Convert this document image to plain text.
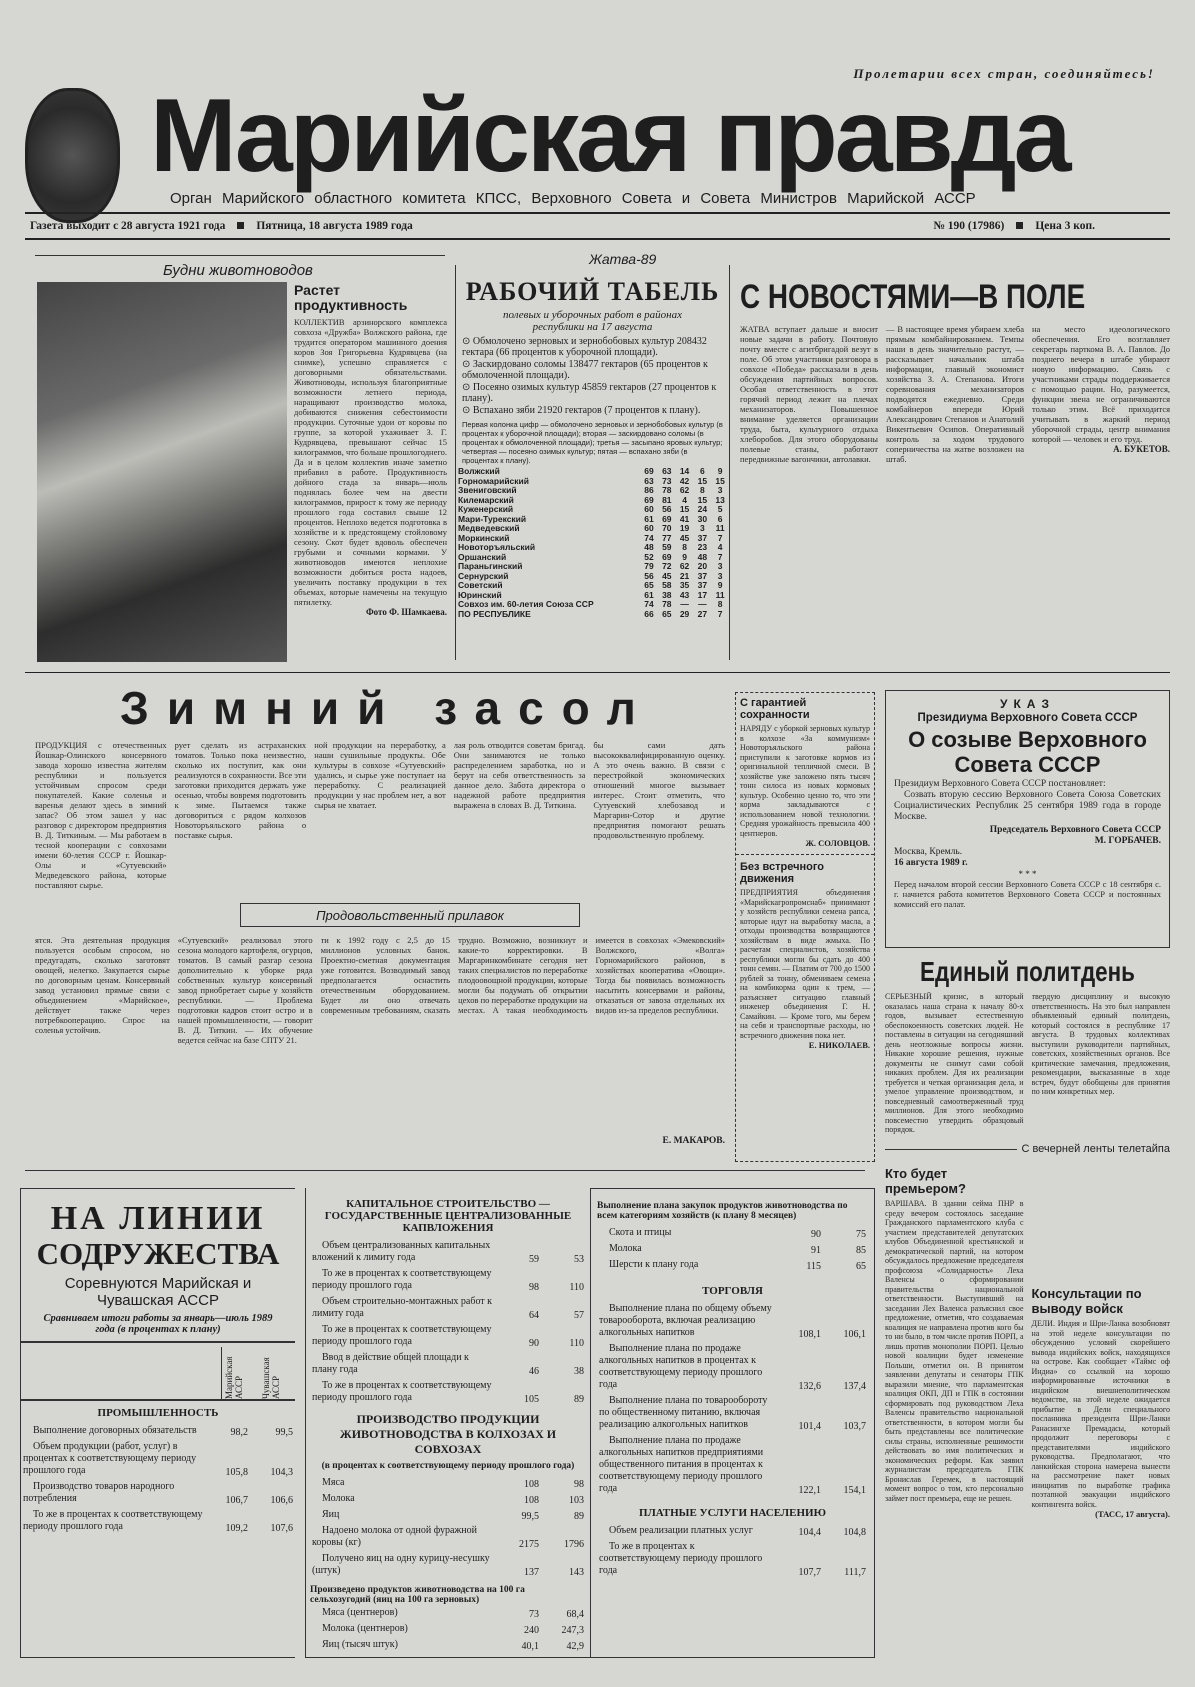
Пролетарии всех стран, соединяйтесь!
Марийская правда
Орган Марийского областного комитета КПСС, Верховного Совета и Совета Министров Марийской АССР
Газета выходит с 28 августа 1921 года	Пятница, 18 августа 1989 года	№ 190 (17986)	Цена 3 коп.
Будни животноводов
Растет продуктивность
КОЛЛЕКТИВ арзинорского комплекса совхоза «Дружба» Волжского района, где трудится оператором машинного доения коров Зоя Григорьевна Кудрявцева (на снимке), успешно справляется с договорными обязательствами. Животноводы, используя благоприятные возможности летнего периода, наращивают производство молока, добиваются снижения себестоимости продукции. Суточные удои от коровы по группе, за которой ухаживает З. Г. Кудрявцева, превышают сейчас 15 килограммов, что больше прошлогоднего. Да и в целом коллектив иначе заметно прибавил в работе. Продуктивность дойного стада за январь—июль поднялась более чем на двести килограммов, прирост к тому же периоду прошлого года составил свыше 12 процентов. Неплохо ведется подготовка в хозяйстве и к предстоящему стойловому сезону. Скот будет вдоволь обеспечен грубыми и сочными кормами. У животноводов имеются неплохие возможности добиться роста надоев, увеличить поставку продукции в тех объемах, которые намечены на текущую пятилетку.
Фото Ф. Шамкаева.
Жатва-89
РАБОЧИЙ ТАБЕЛЬ
полевых и уборочных работ в районах республики на 17 августа
⊙ Обмолочено зерновых и зернобобовых культур 208432 гектара (66 процентов к уборочной площади).
⊙ Заскирдовано соломы 138477 гектаров (65 процентов к обмолоченной площади).
⊙ Посеяно озимых культур 45859 гектаров (27 процентов к плану).
⊙ Вспахано зяби 21920 гектаров (7 процентов к плану).
Первая колонка цифр — обмолочено зерновых и зернобобовых культур (в процентах к уборочной площади); вторая — заскирдовано соломы (в процентах к обмолоченной площади); третья — засыпано яровых культур; четвертая — посеяно озимых культур; пятая — вспахано зяби (в процентах к плану).
Волжский	69	63	14	6	9
Горномарийский	63	73	42	15	15
Звениговский	86	78	62	8	3
Килемарский	69	81	4	15	13
Куженерский	60	56	15	24	5
Мари-Турекский	61	69	41	30	6
Медведевский	60	70	19	3	11
Моркинский	74	77	45	37	7
Новоторъяльский	48	59	8	23	4
Оршанский	52	69	9	48	7
Параньгинский	79	72	62	20	3
Сернурский	56	45	21	37	3
Советский	65	58	35	37	9
Юринский	61	38	43	17	11
Совхоз им. 60-летия Союза ССР	74	78	—	—	8
ПО РЕСПУБЛИКЕ	66	65	29	27	7
С НОВОСТЯМИ—В ПОЛЕ
ЖАТВА вступает дальше и вносит новые задачи в работу. Почтовую почту вместе с агитбригадой везут в поле. Об этом участники разговора в совхозе «Победа» рассказали в день обсуждения партийных вопросов. Особая ответственность в этот горячий период лежит на плечах механизаторов. Повышенное внимание уделяется организации труда, быта, культурного отдыха хлеборобов. Для этого оборудованы полевые станы, работают передвижные вагончики, автолавки.
— В настоящее время убираем хлеба прямым комбайнированием. Темпы наши в день значительно растут, — рассказывает начальник штаба информации, главный экономист хозяйства З. А. Степанова. Итоги соревнования механизаторов подводятся ежедневно. Среди комбайнеров впереди Юрий Александрович Степанов и Анатолий Викентьевич Осипов. Оперативный контроль за ходом трудового соперничества на жатве возложен на штаб.
на место идеологического обеспечения. Его возглавляет секретарь парткома В. А. Павлов. До позднего вечера в штабе убирают новую информацию. Связь с участниками страды поддерживается с помощью рации. Но, разумеется, функции звена не ограничиваются только этим. Всё приходится учитывать в жаркий период уборочной страды, центр внимания которой — человек и его труд.
А. БУКЕТОВ.
Зимний засол
ПРОДУКЦИЯ с отечественных Йошкар-Олинского консервного завода хорошо известна жителям республики и пользуется устойчивым спросом среди покупателей. Какие соленья и варенья делают здесь в зимний запас? Об этом зашел у нас разговор с директором предприятия В. Д. Титкиным. — Мы работаем в тесной кооперации с совхозами имени 60-летия СССР г. Йошкар-Олы и «Сутуевский» Медведевского района, которые поставляют сырье.
рует сделать из астраханских томатов. Только пока неизвестно, сколько их поступит, как они реализуются в сохранности. Все эти заготовки приходится держать уже осенью, чтобы вовремя подготовить к зиме. Пытаемся также договориться с рядом колхозов Новоторъяльского района о поставке сырья.
ной продукции на переработку, а наши сушильные продукты. Обе культуры в совхозе «Сутуевский» удались, и сырье уже поступает на переработку. С реализацией продукции у нас проблем нет, а вот сырья не хватает.
лая роль отводится советам бригад. Они занимаются не только распределением заработка, но и берут на себя ответственность за данное дело. Забота директора о надежной работе предприятия выражена в словах В. Д. Титкина.
бы сами дать высококвалифицированную оценку. А это очень важно. В связи с перестройкой экономических отношений многое вызывает интерес. Стоит отметить, что Сутуевский хлебозавод и Маргарин-Сотор и другие предприятия помогают решать продовольственную проблему.
Продовольственный прилавок
ятся. Эта деятельная продукция пользуется особым спросом, но предугадать, сколько заготовят овощей, нелегко. Закупается сырье по договорным ценам. Консервный завод установил прямые связи с объединением «Марийское», действует также через потребкооперацию. Спрос на соленья устойчив.
«Сутуевский» реализовал этого сезона молодого картофеля, огурцов, томатов. В самый разгар сезона дополнительно к уборке ряда собственных культур консервный завод приобретает сырье у хозяйств республики. — Проблема подготовки кадров стоит остро и в нашей промышленности, — говорит В. Д. Титкин. — Их обучение ведется сейчас на базе СПТУ 21.
ти к 1992 году с 2,5 до 15 миллионов условных банок. Проектно-сметная документация уже готовится. Возводимый завод предполагается оснастить отечественным оборудованием. Будет ли оно отвечать современным требованиям, сказать трудно. Возможно, возникнут и какие-то корректировки. В Маргаринкомбинате сегодня нет таких специалистов по переработке плодоовощной продукции, которые могли бы подумать об открытии цехов по переработке продукции на местах. А такая необходимость имеется в совхозах «Эмековский» Волжского, «Волга» Горномарийского районов, в хозяйствах кооператива «Овощи». Тогда бы появилась возможность насытить консервами и районы, отказаться от завоза отдельных их видов из-за пределов республики.
Е. МАКАРОВ.
С гарантией сохранности
НАРЯДУ с уборкой зерновых культур в колхозе «За коммунизм» Новоторъяльского района приступили к заготовке кормов из оригинальной тепличной смеси. В хозяйстве уже заложено пять тысяч тонн силоса из новых кормовых культур. Особенно ценно то, что эти корма закладываются с использованием новой технологии. Средняя урожайность превысила 400 центнеров.
Ж. СОЛОВЦОВ.
Без встречного движения
ПРЕДПРИЯТИЯ объединения «Марийскагропромснаб» принимают у хозяйств республики семена рапса, которые идут на выработку масла, а отходы производства возвращаются хозяйствам в виде жмыха. По расчетам специалистов, хозяйства республики могли бы сдать до 400 тонн семян. — Платим от 700 до 1500 рублей за тонну, обмениваем семена на комбикорма один к трем, — разъясняет ситуацию главный инженер объединения Г. Н. Самайкин. — Кроме того, мы берем на себя и транспортные расходы, но встречного движения пока нет.
Е. НИКОЛАЕВ.
УКАЗ
Президиума Верховного Совета СССР
О созыве Верховного Совета СССР
Президиум Верховного Совета СССР постановляет:
Созвать вторую сессию Верховного Совета Союза Советских Социалистических Республик 25 сентября 1989 года в городе Москве.
Председатель Верховного Совета СССР
М. ГОРБАЧЕВ.
Москва, Кремль.
16 августа 1989 г.
* * *
Перед началом второй сессии Верховного Совета СССР с 18 сентября с. г. начнется работа комитетов Верховного Совета СССР и постоянных комиссий его палат.
Единый политдень
СЕРЬЕЗНЫЙ кризис, в который оказалась наша страна к началу 80-х годов, вызывает естественную обеспокоенность советских людей. Не поставлены в ситуации на сегодняшний день неотложные вопросы жизни. Никакие хорошие решения, нужные документы не снимут сами собой никаких проблем. Для их реализации требуется и четкая организация дела, и умелое управление производством, и повседневный самоотверженный труд миллионов. Для этого необходимо повсеместно утвердить образцовый порядок.
твердую дисциплину и высокую ответственность. На это был направлен объявленный единый политдень, который состоялся в республике 17 августа. В трудовых коллективах выступили руководители партийных, советских, хозяйственных органов. Все критические замечания, предложения, рекомендации, высказанные в ходе встреч, будут обобщены для принятия по ним конкретных мер.
С вечерней ленты телетайпа
НА ЛИНИИ
СОДРУЖЕСТВА
Соревнуются Марийская и Чувашская АССР
Сравниваем итоги работы за январь—июль 1989 года (в процентах к плану)
Марийская АССР Чувашская АССР
ПРОМЫШЛЕННОСТЬ
Выполнение договорных обязательств	98,2	99,5
Объем продукции (работ, услуг) в процентах к соответствующему периоду прошлого года	105,8	104,3
Производство товаров народного потребления	106,7	106,6
То же в процентах к соответствующему периоду прошлого года	109,2	107,6
КАПИТАЛЬНОЕ СТРОИТЕЛЬСТВО — ГОСУДАРСТВЕННЫЕ ЦЕНТРАЛИЗОВАННЫЕ КАПВЛОЖЕНИЯ
Объем централизованных капитальных вложений к лимиту года	59	53
То же в процентах к соответствующему периоду прошлого года	98	110
Объем строительно-монтажных работ к лимиту года	64	57
То же в процентах к соответствующему периоду прошлого года	90	110
Ввод в действие общей площади к плану года	46	38
То же в процентах к соответствующему периоду прошлого года	105	89
ПРОИЗВОДСТВО ПРОДУКЦИИ ЖИВОТНОВОДСТВА В КОЛХОЗАХ И СОВХОЗАХ
(в процентах к соответствующему периоду прошлого года)
Мяса	108	98
Молока	108	103
Яиц	99,5	89
Надоено молока от одной фуражной коровы (кг)	2175	1796
Получено яиц на одну курицу-несушку (штук)	137	143
Произведено продуктов животноводства на 100 га сельхозугодий (яиц на 100 га зерновых)
Мяса (центнеров)	73	68,4
Молока (центнеров)	240	247,3
Яиц (тысяч штук)	40,1	42,9
Выполнение плана закупок продуктов животноводства по всем категориям хозяйств (к плану 8 месяцев)
Скота и птицы	90	75
Молока	91	85
Шерсти к плану года	115	65
ТОРГОВЛЯ
Выполнение плана по общему объему товарооборота, включая реализацию алкогольных напитков	108,1	106,1
Выполнение плана по продаже алкогольных напитков в процентах к соответствующему периоду прошлого года	132,6	137,4
Выполнение плана по товарообороту по общественному питанию, включая реализацию алкогольных напитков	101,4	103,7
Выполнение плана по продаже алкогольных напитков предприятиями общественного питания в процентах к соответствующему периоду прошлого года	122,1	154,1
ПЛАТНЫЕ УСЛУГИ НАСЕЛЕНИЮ
Объем реализации платных услуг	104,4	104,8
То же в процентах к соответствующему периоду прошлого года	107,7	111,7
Кто будет премьером?
ВАРШАВА. В здании сейма ПНР в среду вечером состоялось заседание Гражданского парламентского клуба с участием представителей депутатских клубов Объединенной крестьянской и демократической партий, на котором обсуждалось предложение председателя профсоюза «Солидарность» Леха Валенсы о сформировании правительства национальной ответственности. Выступивший на заседании Лех Валенса разъяснил свое предложение, отметив, что создаваемая коалиция не направлена против кого бы то ни было, в том числе против ПОРП, а лишь против монополии ПОРП. Целью новой коалиции будет изменение Польши, отметил он. В принятом заявлении депутаты и сенаторы ГПК выразили мнение, что парламентская коалиция ОКП, ДП и ГПК в состоянии сформировать под руководством Леха Валенсы правительство национальной ответственности, в котором могли бы быть представлены все политические силы страны, исполненные решимости действовать во имя политических и экономических реформ. Как заявил журналистам председатель ГПК Бронислав Геремек, в настоящий момент вопрос о том, кто персонально займет пост премьера, еще не решен.
Консультации по выводу войск
ДЕЛИ. Индия и Шри-Ланка возобновят на этой неделе консультации по обсуждению условий скорейшего вывода индийских войск, находящихся на острове. Как сообщает «Таймс оф Индиа» со ссылкой на хорошо информированные источники в индийском внешнеполитическом ведомстве, на этой неделе ожидается прибытие в Дели специального посланника президента Шри-Ланки Ранасингхе Премадасы, который продолжит переговоры с представителями индийского руководства. Предполагают, что ланкийская сторона намерена вынести на рассмотрение пакет новых инициатив по выработке графика поэтапной эвакуации индийского контингента войск.
(ТАСС, 17 августа).
